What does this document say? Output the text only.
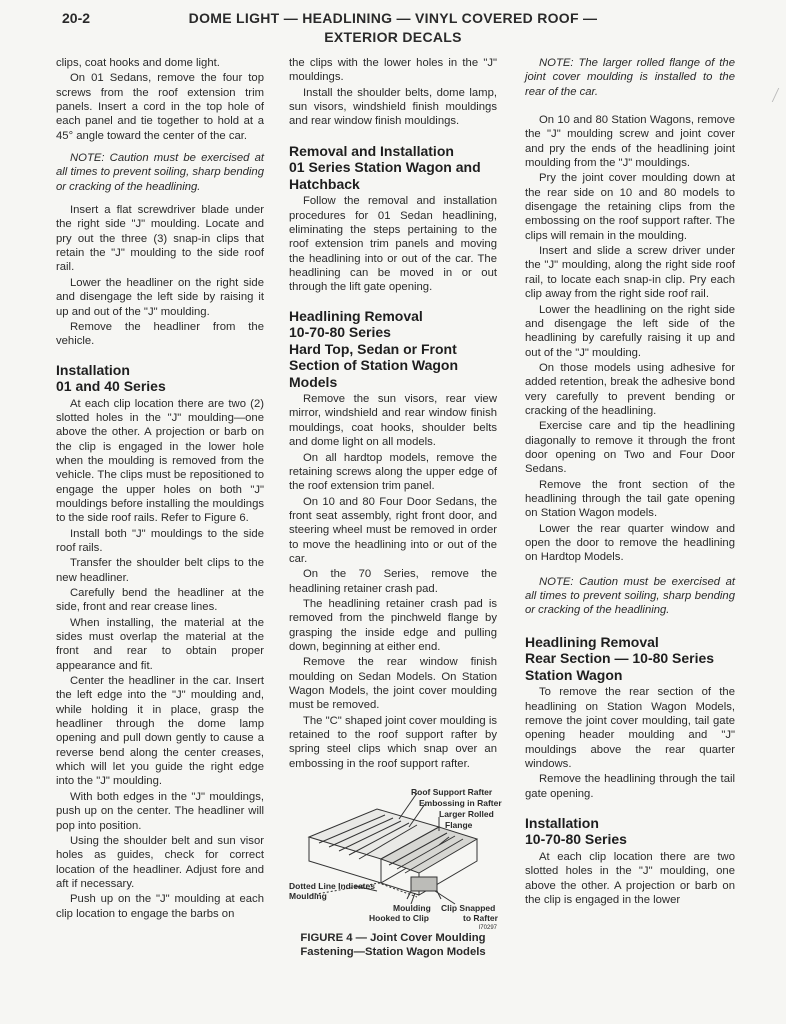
20-2	DOME LIGHT — HEADLINING — VINYL COVERED ROOF —
EXTERIOR DECALS

clips, coat hooks and dome light.

On 01 Sedans, remove the four top screws from the roof extension trim panels. Insert a cord in the top hole of each panel and tie together to hold at a 45° angle toward the center of the car.

NOTE: Caution must be exercised at all times to prevent soiling, sharp bending or cracking of the headlining.

Insert a flat screwdriver blade under the right side "J" moulding. Locate and pry out the three (3) snap-in clips that retain the "J" moulding to the side roof rail.

Lower the headliner on the right side and disengage the left side by raising it up and out of the "J" moulding.

Remove the headliner from the vehicle.

Installation
01 and 40 Series

At each clip location there are two (2) slotted holes in the "J" moulding—one above the other. A projection or barb on the clip is engaged in the lower hole when the moulding is removed from the vehicle. The clips must be repositioned to engage the upper holes on both "J" mouldings before installing the mouldings to the side roof rails. Refer to Figure 6.

Install both "J" mouldings to the side roof rails.

Transfer the shoulder belt clips to the new headliner.

Carefully bend the headliner at the side, front and rear crease lines.

When installing, the material at the sides must overlap the material at the front and rear to obtain proper appearance and fit.

Center the headliner in the car. Insert the left edge into the "J" moulding and, while holding it in place, grasp the headliner through the dome lamp opening and pull down gently to cause a reverse bend along the center creases, which will let you guide the right edge into the "J" moulding.

With both edges in the "J" mouldings, push up on the center. The headliner will pop into position.

Using the shoulder belt and sun visor holes as guides, check for correct location of the headliner. Adjust fore and aft if necessary.

Push up on the "J" moulding at each clip location to engage the barbs on

the clips with the lower holes in the "J" mouldings.

Install the shoulder belts, dome lamp, sun visors, windshield finish mouldings and rear window finish mouldings.

Removal and Installation
01 Series Station Wagon and Hatchback

Follow the removal and installation procedures for 01 Sedan headlining, eliminating the steps pertaining to the roof extension trim panels and moving the headlining into or out of the car. The headlining can be moved in or out through the lift gate opening.

Headlining Removal
10-70-80 Series
Hard Top, Sedan or Front Section of Station Wagon Models

Remove the sun visors, rear view mirror, windshield and rear window finish mouldings, coat hooks, shoulder belts and dome light on all models.

On all hardtop models, remove the retaining screws along the upper edge of the roof extension trim panel.

On 10 and 80 Four Door Sedans, the front seat assembly, right front door, and steering wheel must be removed in order to move the headlining into or out of the car.

On the 70 Series, remove the headlining retainer crash pad.

The headlining retainer crash pad is removed from the pinchweld flange by grasping the inside edge and pulling down, beginning at either end.

Remove the rear window finish moulding on Sedan Models. On Station Wagon Models, the joint cover moulding must be removed.

The "C" shaped joint cover moulding is retained to the roof support rafter by spring steel clips which snap over an embossing in the roof support rafter.

Roof Support Rafter
Embossing in Rafter
Larger Rolled
Flange
Dotted Line Indicates
Moulding
Moulding
Hooked to Clip
Clip Snapped
to Rafter
I70297
FIGURE 4 — Joint Cover Moulding
Fastening—Station Wagon Models

NOTE: The larger rolled flange of the joint cover moulding is installed to the rear of the car.

On 10 and 80 Station Wagons, remove the "J" moulding screw and joint cover and pry the ends of the headlining joint moulding from the "J" mouldings.

Pry the joint cover moulding down at the rear side on 10 and 80 models to disengage the retaining clips from the embossing on the roof support rafter. The clips will remain in the moulding.

Insert and slide a screw driver under the "J" moulding, along the right side roof rail, to locate each snap-in clip. Pry each clip away from the right side roof rail.

Lower the headlining on the right side and disengage the left side of the headlining by carefully raising it up and out of the "J" moulding.

On those models using adhesive for added retention, break the adhesive bond very carefully to prevent bending or cracking of the headlining.

Exercise care and tip the headlining diagonally to remove it through the front door opening on Two and Four Door Sedans.

Remove the front section of the headlining through the tail gate opening on Station Wagon models.

Lower the rear quarter window and open the door to remove the headlining on Hardtop Models.

NOTE: Caution must be exercised at all times to prevent soiling, sharp bending or cracking of the headlining.

Headlining Removal
Rear Section — 10-80 Series Station Wagon

To remove the rear section of the headlining on Station Wagon Models, remove the joint cover moulding, tail gate opening header moulding and "J" mouldings above the rear quarter windows.

Remove the headlining through the tail gate opening.

Installation
10-70-80 Series

At each clip location there are two slotted holes in the "J" moulding, one above the other. A projection or barb on the clip is engaged in the lower
